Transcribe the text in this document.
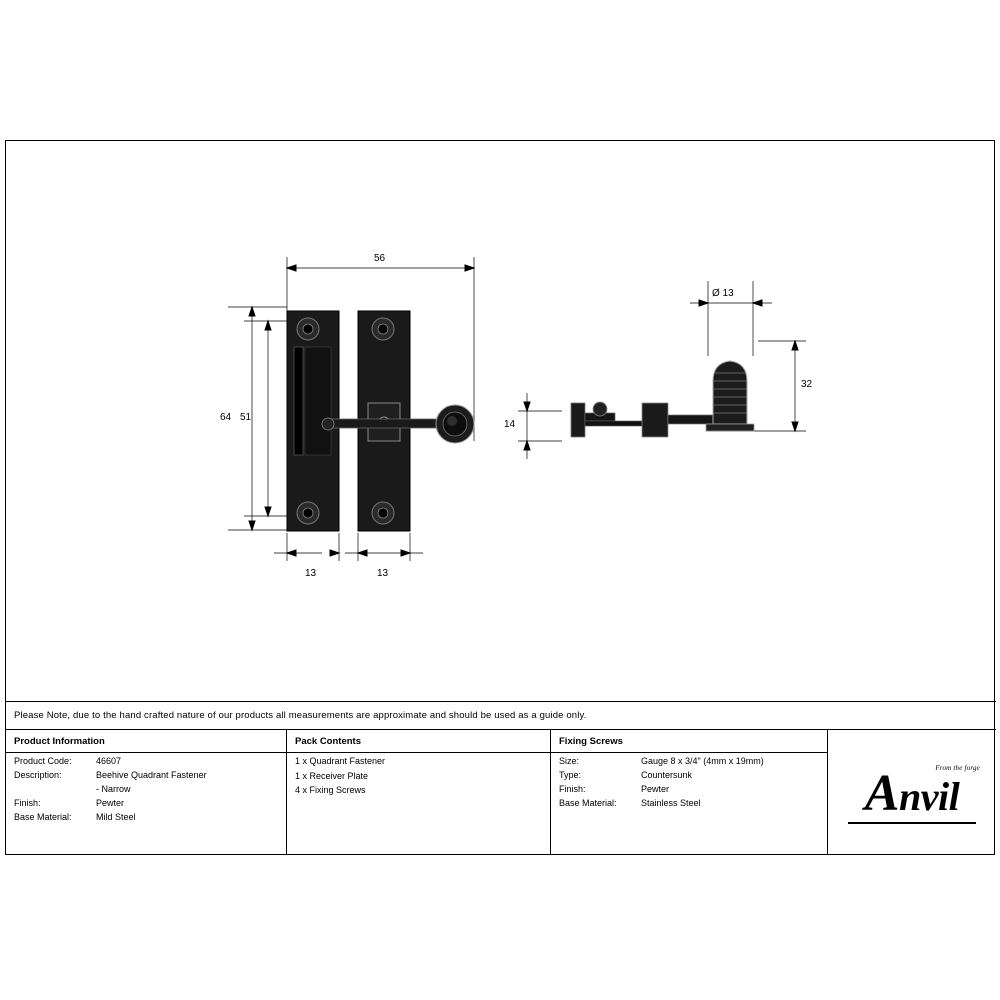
56
64 51
13	13
Ø 13
32
14
Please Note, due to the hand crafted nature of our products all measurements are approximate and should be used as a guide only.
Product Information
Product Code:	46607
Description:	Beehive Quadrant Fastener
- Narrow
Finish:	Pewter
Base Material:	Mild Steel
Pack Contents
1 x Quadrant Fastener
1 x Receiver Plate
4 x Fixing Screws
Fixing Screws
Size:	Gauge 8 x 3/4" (4mm x 19mm)
Type:	Countersunk
Finish:	Pewter
Base Material:	Stainless Steel
From the forge
Anvil
